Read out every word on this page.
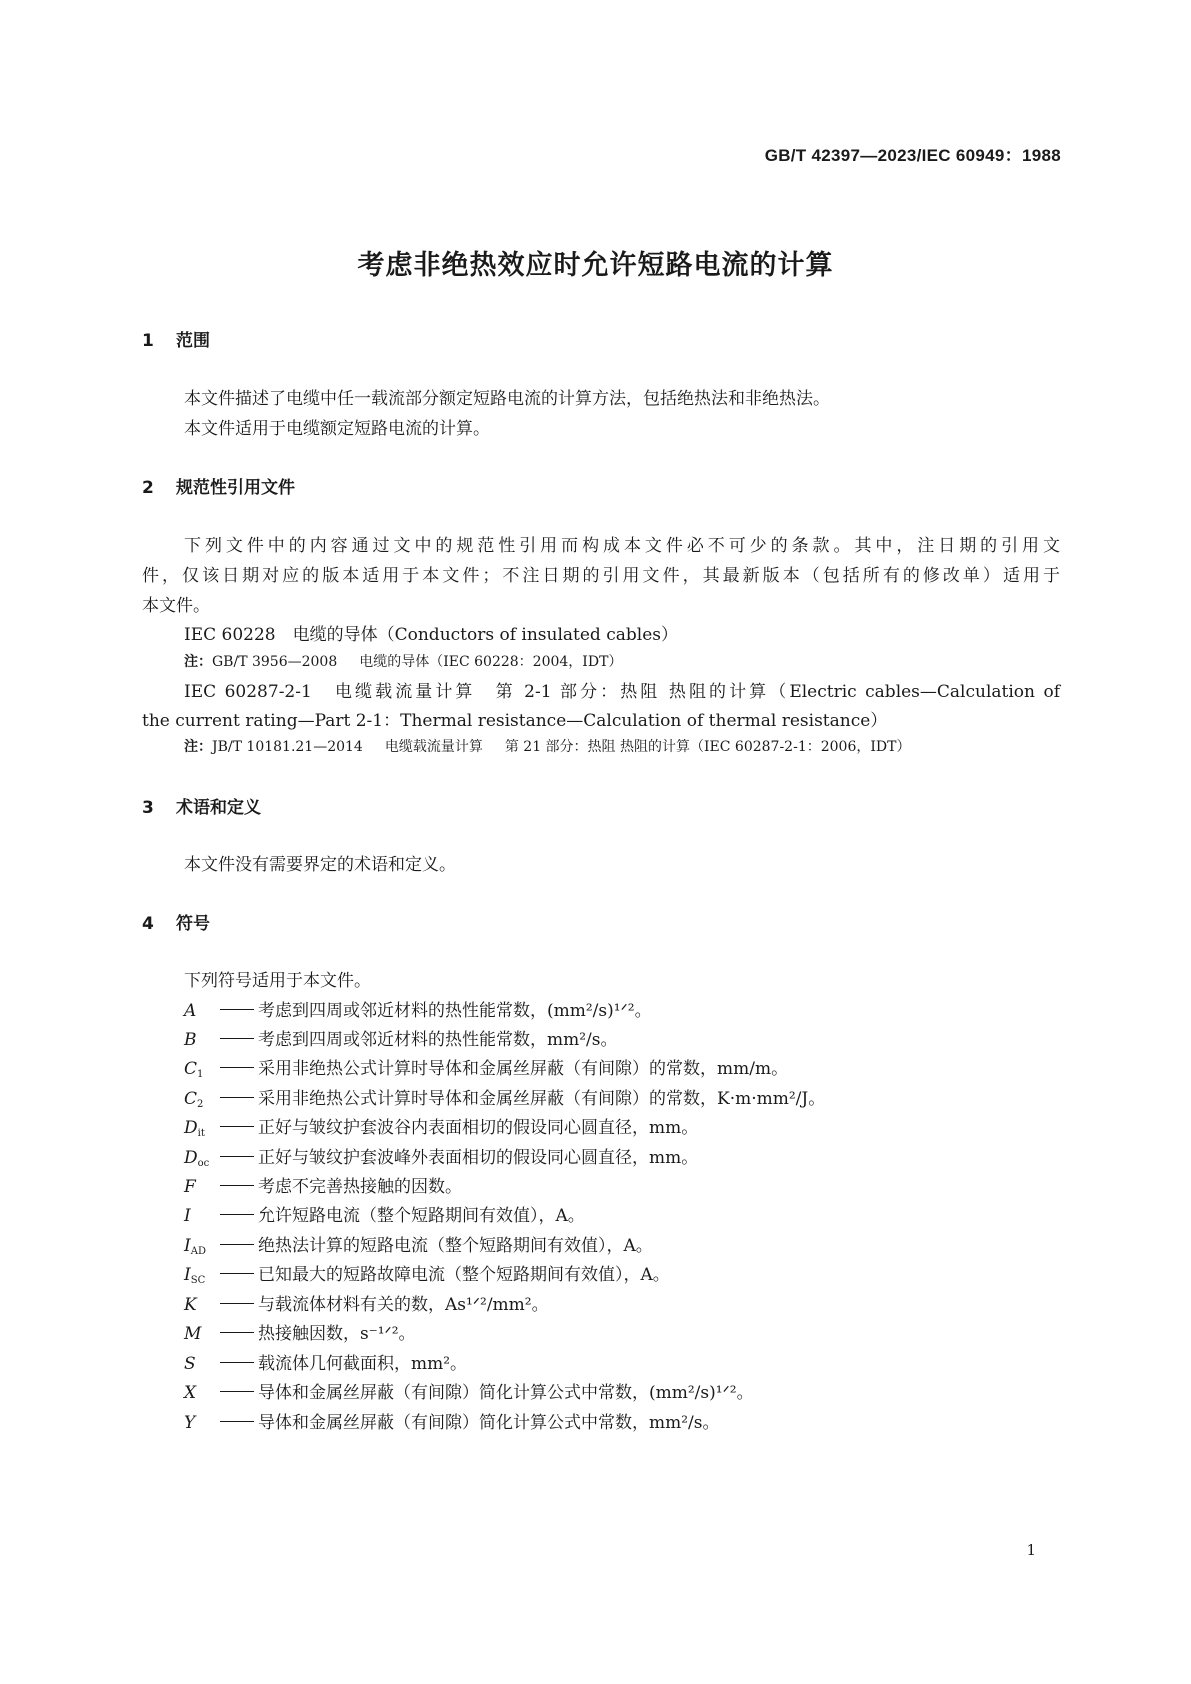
GB/T 42397—2023/IEC 60949：1988
考虑非绝热效应时允许短路电流的计算
1 范围
本文件描述了电缆中任一载流部分额定短路电流的计算方法，包括绝热法和非绝热法。
本文件适用于电缆额定短路电流的计算。
2 规范性引用文件
下列文件中的内容通过文中的规范性引用而构成本文件必不可少的条款。其中，注日期的引用文
件，仅该日期对应的版本适用于本文件；不注日期的引用文件，其最新版本（包括所有的修改单）适用于
本文件。
IEC 60228　电缆的导体（Conductors of insulated cables）
注：GB/T 3956—2008 电缆的导体（IEC 60228：2004，IDT）
IEC 60287-2-1　电缆载流量计算　第 2-1 部分：热阻 热阻的计算（Electric cables—Calculation of
the current rating—Part 2-1：Thermal resistance—Calculation of thermal resistance）
注：JB/T 10181.21—2014 电缆载流量计算 第 21 部分：热阻 热阻的计算（IEC 60287-2-1：2006，IDT）
3 术语和定义
本文件没有需要界定的术语和定义。
4 符号
下列符号适用于本文件。
A	考虑到四周或邻近材料的热性能常数，(mm²/s)¹ᐟ²。
B	考虑到四周或邻近材料的热性能常数，mm²/s。
$C_1$	采用非绝热公式计算时导体和金属丝屏蔽（有间隙）的常数，mm/m。
$C_2$	采用非绝热公式计算时导体和金属丝屏蔽（有间隙）的常数，K·m·mm²/J。
$D_{it}$	正好与皱纹护套波谷内表面相切的假设同心圆直径，mm。
$D_{oc}$	正好与皱纹护套波峰外表面相切的假设同心圆直径，mm。
F	考虑不完善热接触的因数。
I	允许短路电流（整个短路期间有效值），A。
$I_{AD}$	绝热法计算的短路电流（整个短路期间有效值），A。
$I_{SC}$	已知最大的短路故障电流（整个短路期间有效值），A。
K	与载流体材料有关的数，As¹ᐟ²/mm²。
M	热接触因数，s⁻¹ᐟ²。
S	载流体几何截面积，mm²。
X	导体和金属丝屏蔽（有间隙）简化计算公式中常数，(mm²/s)¹ᐟ²。
Y	导体和金属丝屏蔽（有间隙）简化计算公式中常数，mm²/s。
1
